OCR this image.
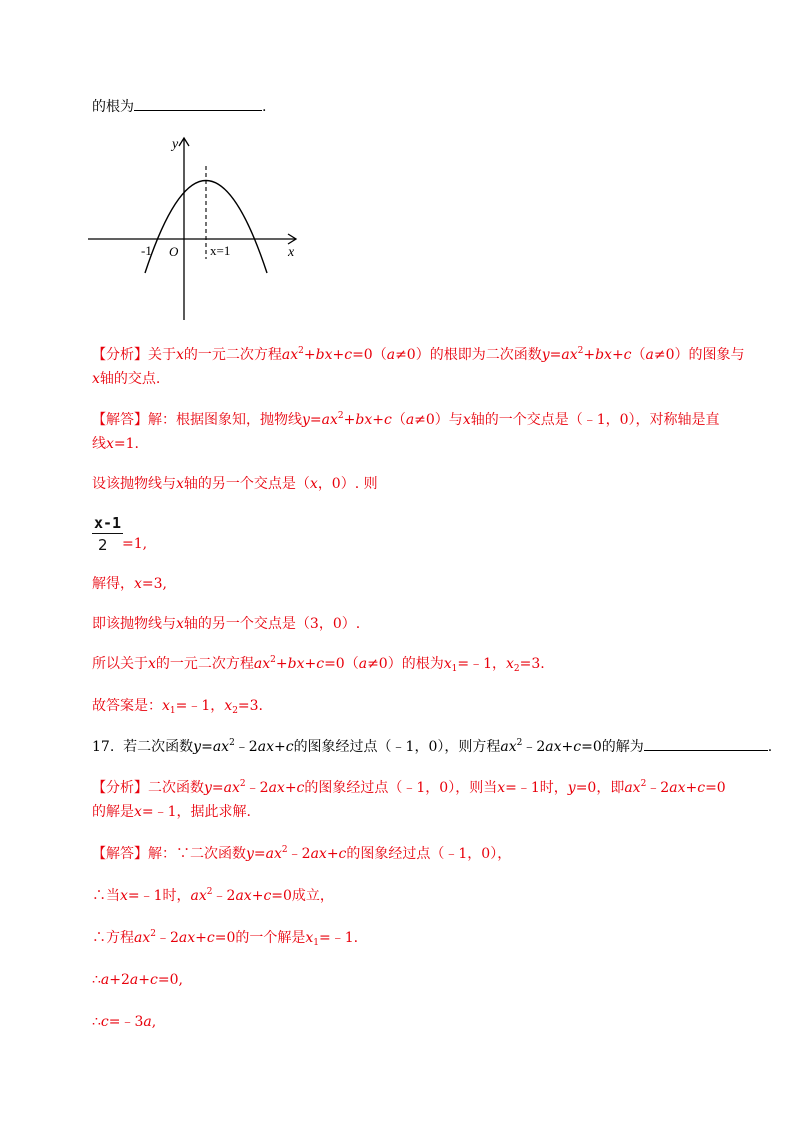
的根为	.
y
x
O
-1	x=1
【分析】关于x的一元二次方程$ax^2+bx+c=0(a\ne 0)$的根即为二次函数$y=ax^2+bx+c(a\ne 0)$的图象与
x轴的交点.
【解答】解：根据图象知，抛物线$y=ax^2+bx+c(a\ne 0)$与x轴的一个交点是（﹣1，0），对称轴是直
线x=1.
设该抛物线与x轴的另一个交点是（x，0）. 则
x-1
2 =1,
解得，x=3,
即该抛物线与x轴的另一个交点是（3，0）.
所以关于x的一元二次方程$ax^2+bx+c=0(a\ne 0)$的根为$x_1=﹣1$，$x_2=3$.
故答案是：$x_1=﹣1$，$x_2=3$.
17. 若二次函数$y=ax^2﹣2ax+c$的图象经过点（﹣1，0），则方程$ax^2﹣2ax+c=0$的解为	.
【分析】二次函数$y=ax^2﹣2ax+c$的图象经过点（﹣1，0），则当x=﹣1时，y=0，即$ax^2﹣2ax+c=0$
的解是x=﹣1，据此求解.
【解答】解：∵二次函数$y=ax^2﹣2ax+c$的图象经过点（﹣1，0），
∴当x=﹣1时，$ax^2﹣2ax+c=0$成立，
∴方程$ax^2﹣2ax+c=0$的一个解是$x_1=﹣1$.
∴a+2a+c=0,
∴c=﹣3a,
